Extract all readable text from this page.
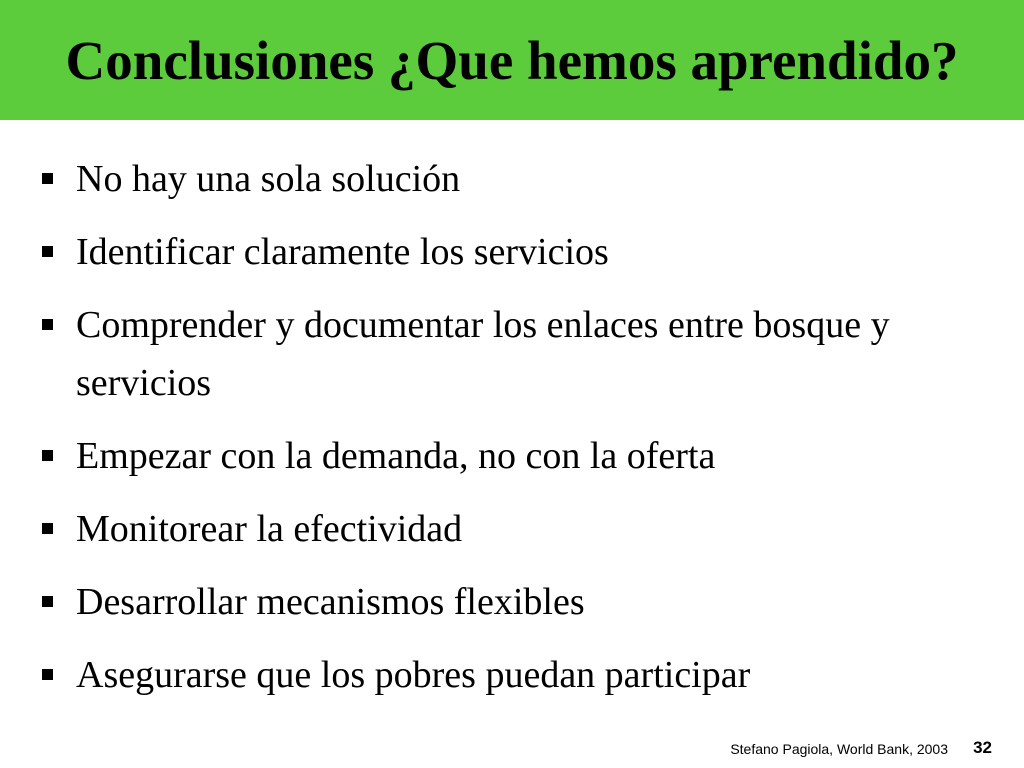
Conclusiones ¿Que hemos aprendido?
No hay una sola solución
Identificar claramente los servicios
Comprender y documentar los enlaces entre bosque y servicios
Empezar con la demanda, no con la oferta
Monitorear la efectividad
Desarrollar mecanismos flexibles
Asegurarse que los pobres puedan participar
Stefano Pagiola, World Bank, 2003 32
